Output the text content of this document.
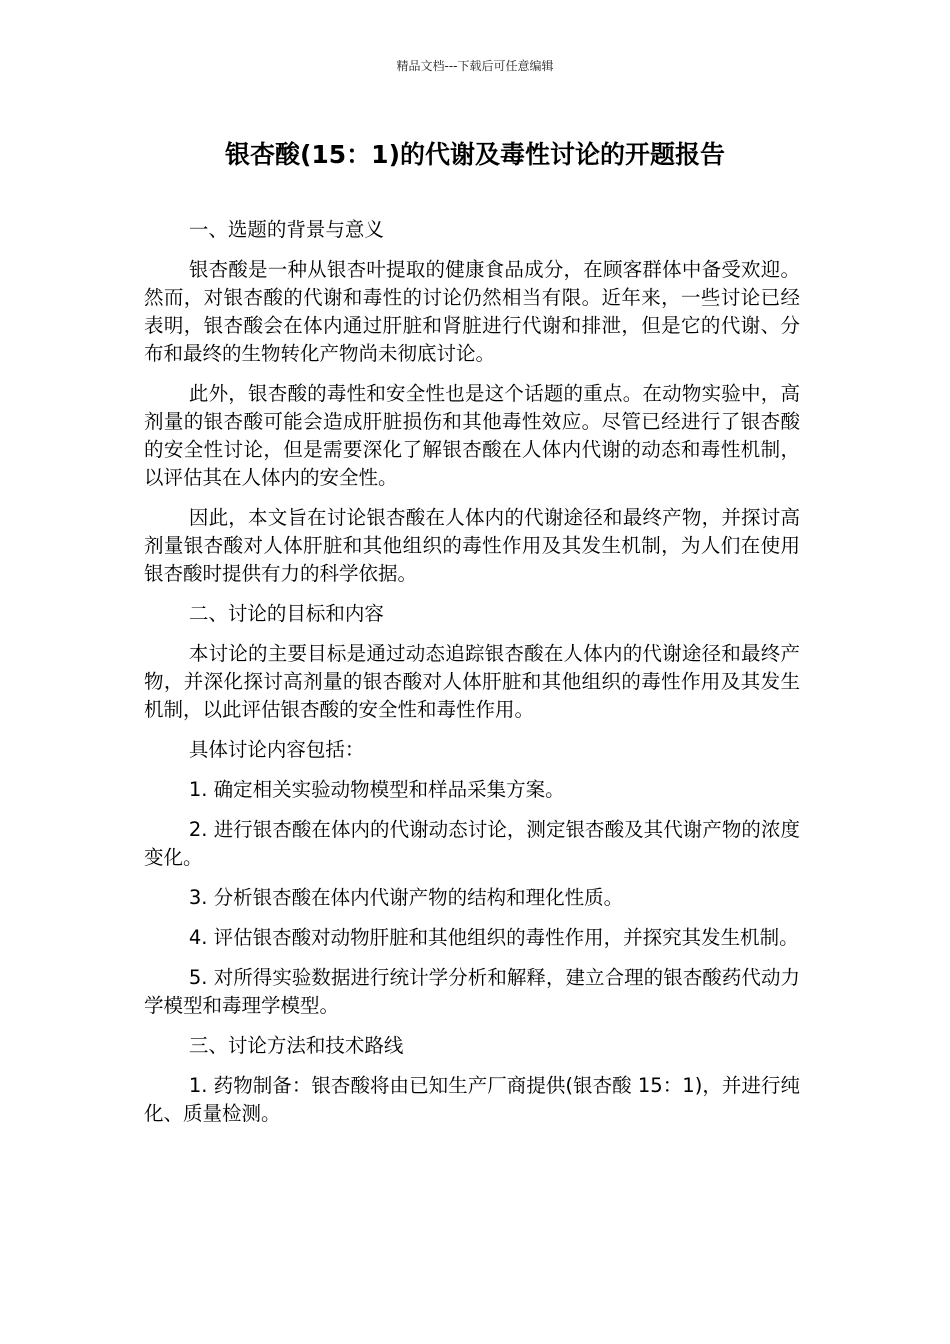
精品文档---下载后可任意编辑
银杏酸(15：1)的代谢及毒性讨论的开题报告

一、选题的背景与意义

银杏酸是一种从银杏叶提取的健康食品成分，在顾客群体中备受欢迎。然而，对银杏酸的代谢和毒性的讨论仍然相当有限。近年来，一些讨论已经表明，银杏酸会在体内通过肝脏和肾脏进行代谢和排泄，但是它的代谢、分布和最终的生物转化产物尚未彻底讨论。

此外，银杏酸的毒性和安全性也是这个话题的重点。在动物实验中，高剂量的银杏酸可能会造成肝脏损伤和其他毒性效应。尽管已经进行了银杏酸的安全性讨论，但是需要深化了解银杏酸在人体内代谢的动态和毒性机制，以评估其在人体内的安全性。

因此，本文旨在讨论银杏酸在人体内的代谢途径和最终产物，并探讨高剂量银杏酸对人体肝脏和其他组织的毒性作用及其发生机制，为人们在使用银杏酸时提供有力的科学依据。

二、讨论的目标和内容

本讨论的主要目标是通过动态追踪银杏酸在人体内的代谢途径和最终产物，并深化探讨高剂量的银杏酸对人体肝脏和其他组织的毒性作用及其发生机制，以此评估银杏酸的安全性和毒性作用。

具体讨论内容包括：

1. 确定相关实验动物模型和样品采集方案。

2. 进行银杏酸在体内的代谢动态讨论，测定银杏酸及其代谢产物的浓度变化。

3. 分析银杏酸在体内代谢产物的结构和理化性质。

4. 评估银杏酸对动物肝脏和其他组织的毒性作用，并探究其发生机制。

5. 对所得实验数据进行统计学分析和解释，建立合理的银杏酸药代动力学模型和毒理学模型。

三、讨论方法和技术路线

1. 药物制备：银杏酸将由已知生产厂商提供(银杏酸 15：1)，并进行纯化、质量检测。
